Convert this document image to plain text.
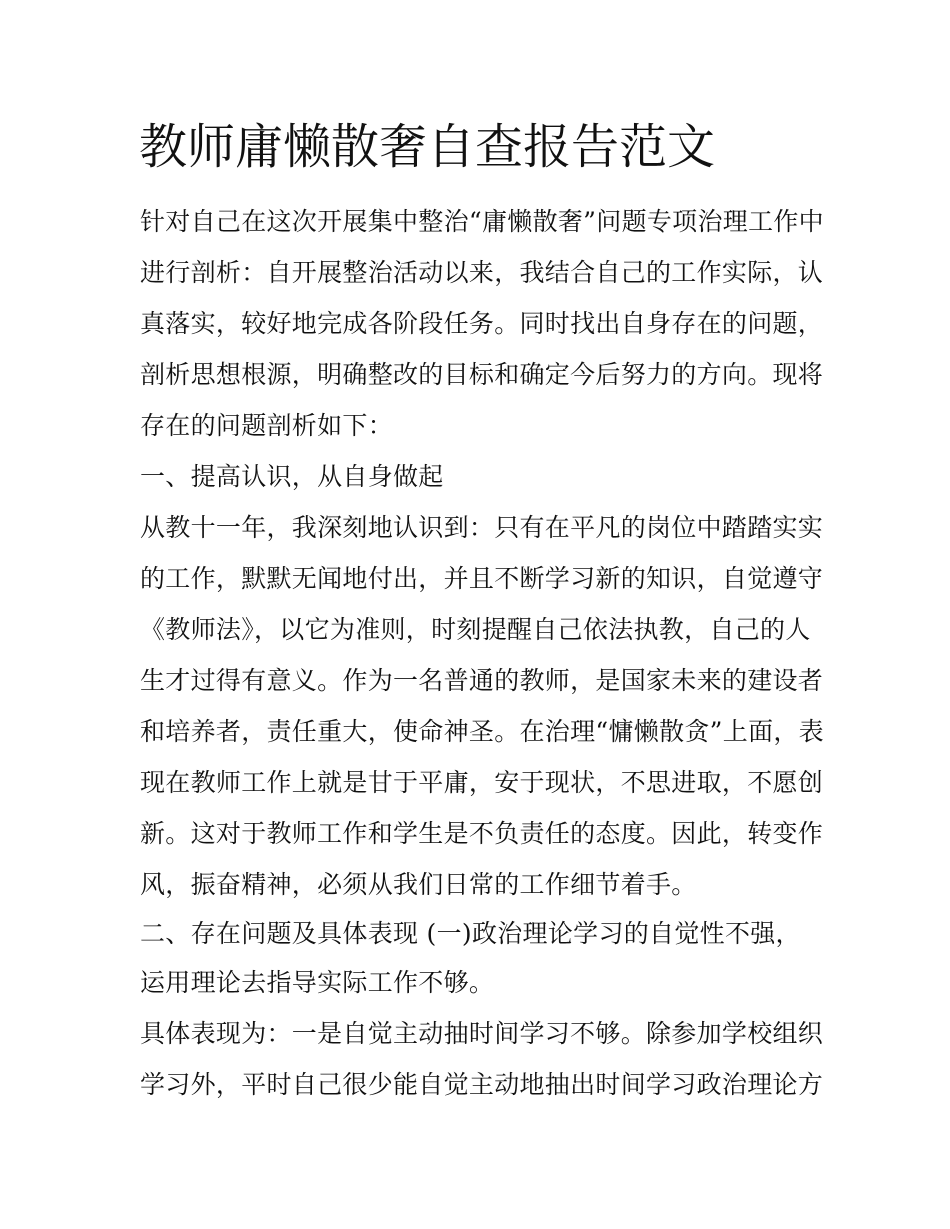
教师庸懒散奢自查报告范文
针对自己在这次开展集中整治“庸懒散奢”问题专项治理工作中
进行剖析：自开展整治活动以来，我结合自己的工作实际，认
真落实，较好地完成各阶段任务。同时找出自身存在的问题，
剖析思想根源，明确整改的目标和确定今后努力的方向。现将
存在的问题剖析如下：
一、提高认识，从自身做起
从教十一年，我深刻地认识到：只有在平凡的岗位中踏踏实实
的工作，默默无闻地付出，并且不断学习新的知识，自觉遵守
《教师法》，以它为准则，时刻提醒自己依法执教，自己的人
生才过得有意义。作为一名普通的教师，是国家未来的建设者
和培养者，责任重大，使命神圣。在治理“慵懒散贪”上面，表
现在教师工作上就是甘于平庸，安于现状，不思进取，不愿创
新。这对于教师工作和学生是不负责任的态度。因此，转变作
风，振奋精神，必须从我们日常的工作细节着手。
二、存在问题及具体表现 (一)政治理论学习的自觉性不强，
运用理论去指导实际工作不够。
具体表现为：一是自觉主动抽时间学习不够。除参加学校组织
学习外，平时自己很少能自觉主动地抽出时间学习政治理论方
